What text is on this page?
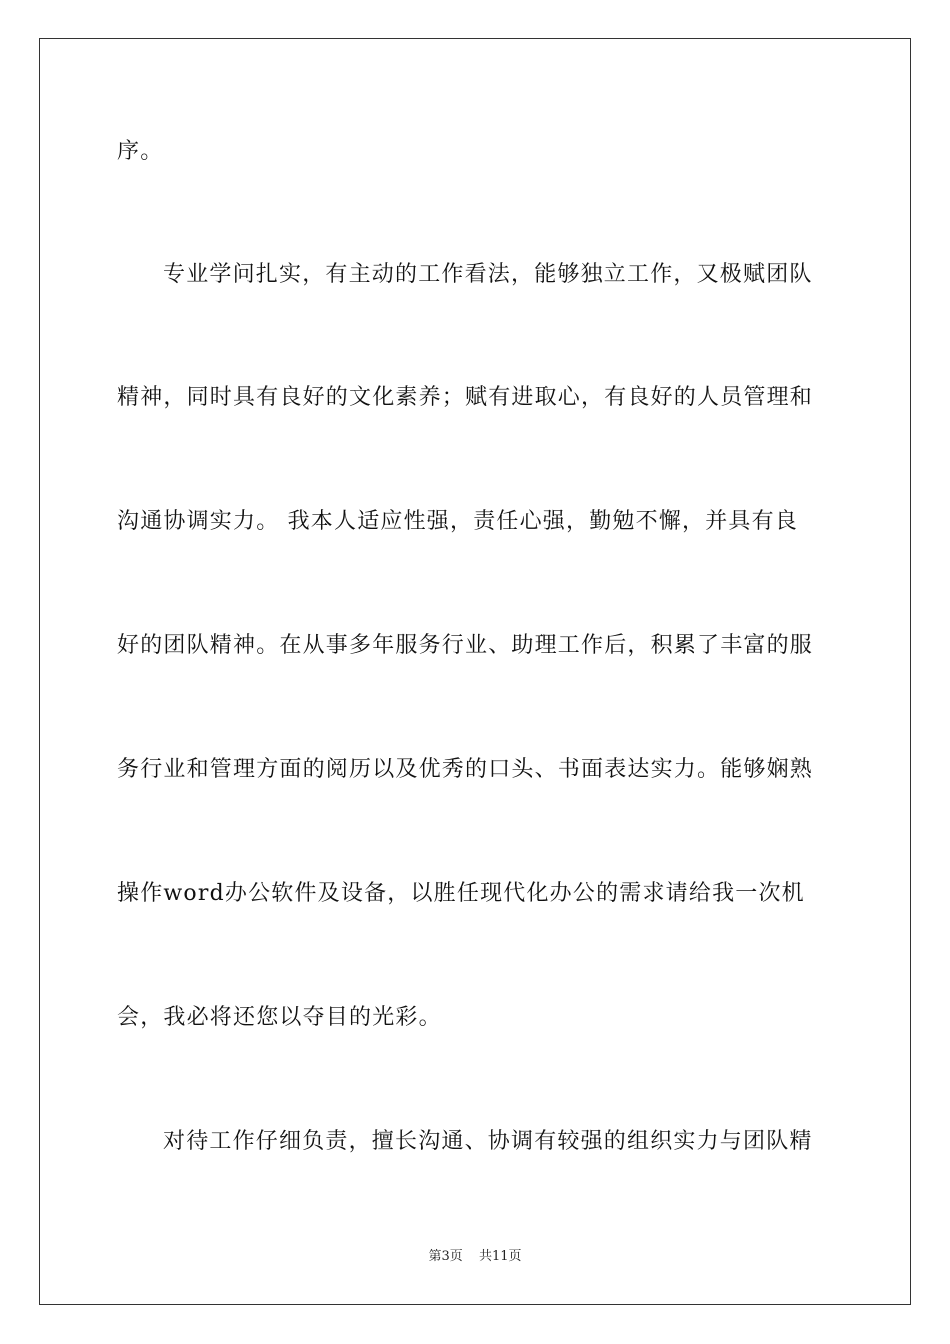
序。
专业学问扎实，有主动的工作看法，能够独立工作，又极赋团队
精神，同时具有良好的文化素养；赋有进取心，有良好的人员管理和
沟通协调实力。 我本人适应性强，责任心强，勤勉不懈，并具有良
好的团队精神。在从事多年服务行业、助理工作后，积累了丰富的服
务行业和管理方面的阅历以及优秀的口头、书面表达实力。能够娴熟
操作word办公软件及设备，以胜任现代化办公的需求请给我一次机
会，我必将还您以夺目的光彩。
对待工作仔细负责，擅长沟通、协调有较强的组织实力与团队精
第3页 共11页
